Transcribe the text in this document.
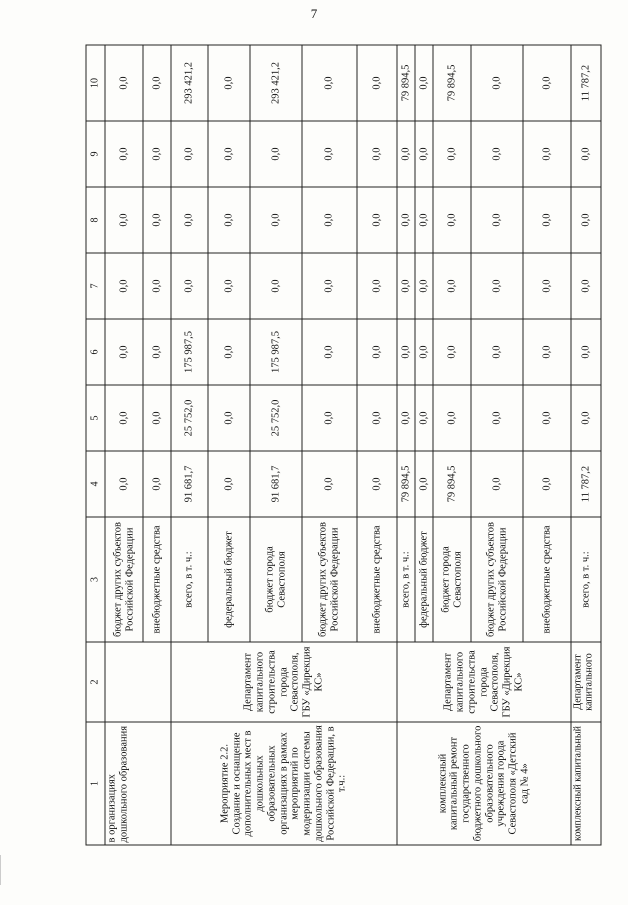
7
1	2	3	4	5	6	7	8	9	10
в организациях дошкольного образования		бюджет других субъектов Российской Федерации	0,0	0,0	0,0	0,0	0,0	0,0	0,0
		внебюджетные средства	0,0	0,0	0,0	0,0	0,0	0,0	0,0
Мероприятие 2.2. Создание и оснащение дополнительных мест в дошкольных образовательных организациях в рамках мероприятий по модернизации системы дошкольного образования Российской Федерации, в т.ч.:	Департамент капитального строительства города Севастополя, ГБУ «Дирекция КС»	всего, в т. ч.:	91 681,7	25 752,0	175 987,5	0,0	0,0	0,0	293 421,2
		федеральный бюджет	0,0	0,0	0,0	0,0	0,0	0,0	0,0
		бюджет города Севастополя	91 681,7	25 752,0	175 987,5	0,0	0,0	0,0	293 421,2
		бюджет других субъектов Российской Федерации	0,0	0,0	0,0	0,0	0,0	0,0	0,0
		внебюджетные средства	0,0	0,0	0,0	0,0	0,0	0,0	0,0
комплексный капитальный ремонт государственного бюджетного дошкольного образовательного учреждения города Севастополя «Детский сад № 4»	Департамент капитального строительства города Севастополя, ГБУ «Дирекция КС»	всего, в т. ч.:	79 894,5	0,0	0,0	0,0	0,0	0,0	79 894,5
		федеральный бюджет	0,0	0,0	0,0	0,0	0,0	0,0	0,0
		бюджет города Севастополя	79 894,5	0,0	0,0	0,0	0,0	0,0	79 894,5
		бюджет других субъектов Российской Федерации	0,0	0,0	0,0	0,0	0,0	0,0	0,0
		внебюджетные средства	0,0	0,0	0,0	0,0	0,0	0,0	0,0
комплексный капитальный	Департамент капитального	всего, в т. ч.:	11 787,2	0,0	0,0	0,0	0,0	0,0	11 787,2
